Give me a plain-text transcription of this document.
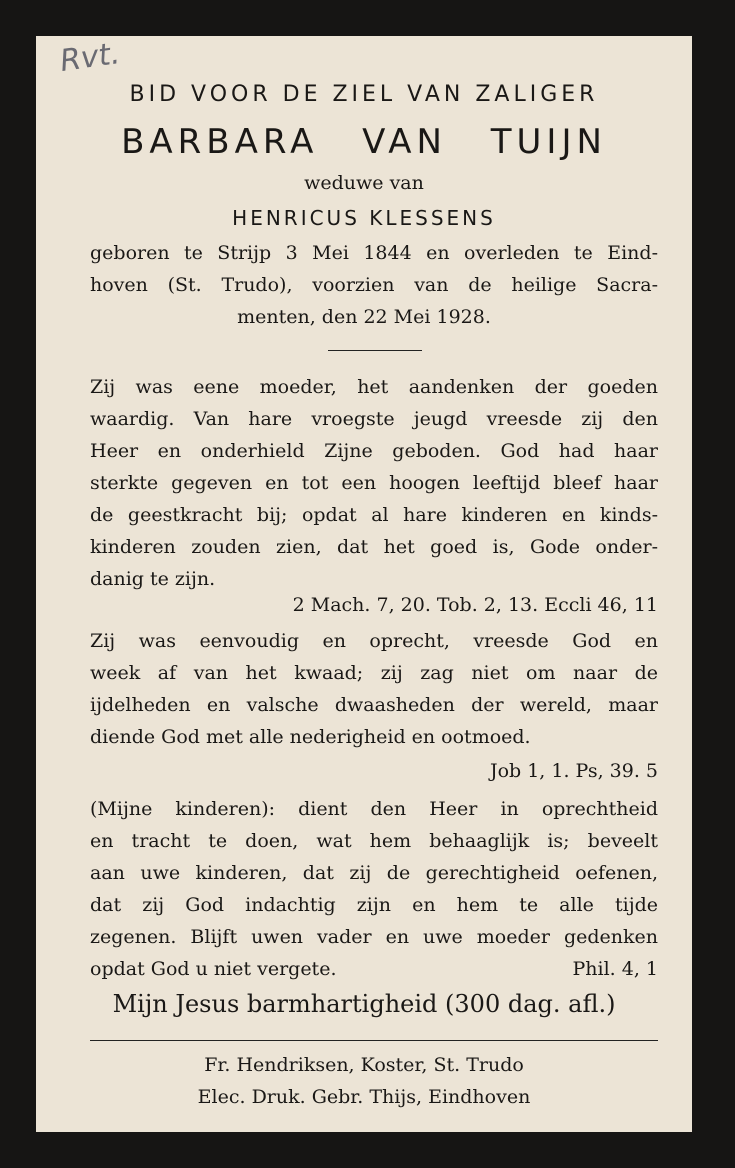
Rvt.
BID VOOR DE ZIEL VAN ZALIGER
BARBARA VAN TUIJN
weduwe van
HENRICUS KLESSENS
geboren te Strijp 3 Mei 1844 en overleden te Eind-
hoven (St. Trudo), voorzien van de heilige Sacra-
menten, den 22 Mei 1928.
Zij was eene moeder, het aandenken der goeden
waardig. Van hare vroegste jeugd vreesde zij den
Heer en onderhield Zijne geboden. God had haar
sterkte gegeven en tot een hoogen leeftijd bleef haar
de geestkracht bij; opdat al hare kinderen en kinds-
kinderen zouden zien, dat het goed is, Gode onder-
danig te zijn.
2 Mach. 7, 20. Tob. 2, 13. Eccli 46, 11
Zij was eenvoudig en oprecht, vreesde God en
week af van het kwaad; zij zag niet om naar de
ijdelheden en valsche dwaasheden der wereld, maar
diende God met alle nederigheid en ootmoed.
Job 1, 1. Ps, 39. 5
(Mijne kinderen): dient den Heer in oprechtheid
en tracht te doen, wat hem behaaglijk is; beveelt
aan uwe kinderen, dat zij de gerechtigheid oefenen,
dat zij God indachtig zijn en hem te alle tijde
zegenen. Blijft uwen vader en uwe moeder gedenken
opdat God u niet vergete.	Phil. 4, 1
Mijn Jesus barmhartigheid (300 dag. afl.)
Fr. Hendriksen, Koster, St. Trudo
Elec. Druk. Gebr. Thijs, Eindhoven
